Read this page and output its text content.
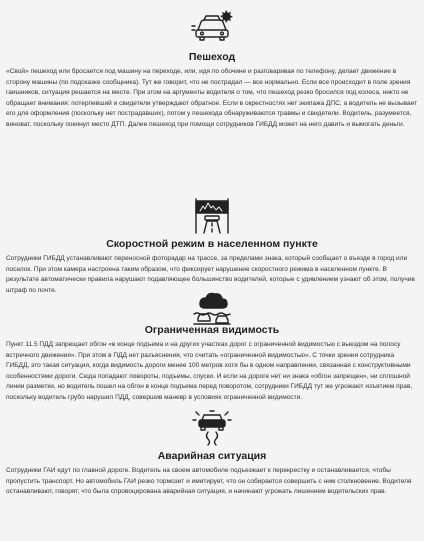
Пешеход

«Свой» пешеход или бросается под машину на переходе, или, идя по обочине и разговаривая по телефону, делает движение в сторону машины (по подсказке сообщника). Тут же говорит, что не пострадал — все нормально. Если все происходит в поле зрения гаишников, ситуация решается на месте. При этом на аргументы водителя о том, что пешеход резко бросился под колеса, никто не обращает внимания: потерпевший и свидетели утверждают обратное. Если в окрестностях нет экипажа ДПС, а водитель не вызывает его для оформления (поскольку нет пострадавших), потом у пешехода обнаруживаются травмы и свидетели. Водитель, разумеется, виноват, поскольку покинул место ДТП. Далее пешеход при помощи сотрудников ГИБДД может на него давить и вымогать деньги.

Скоростной режим в населенном пункте

Сотрудники ГИБДД устанавливают переносной фоторадар на трассе, за пределами знака, который сообщает о въезде в город или поселок. При этом камера настроена таким образом, что фиксирует нарушение скоростного режима в населенном пункте. В результате автоматически правила нарушают подавляющее большинство водителей, которые с удивлением узнают об этом, получив штраф по почте.

Ограниченная видимость

Пункт 11.5 ПДД запрещает обгон «в конце подъема и на других участках дорог с ограниченной видимостью с выездом на полосу встречного движения». При этом в ПДД нет разъяснения, что считать «ограниченной видимостью». С точки зрения сотрудника ГИБДД, это такая ситуация, когда видимость дороги менее 100 метров хотя бы в одном направлении, связанная с конструктивными особенностями дороги. Сюда попадают повороты, подъемы, спуски. И если на дороге нет ни знака «обгон запрещен», ни сплошной линии разметки, но водитель пошел на обгон в конце подъема перед поворотом, сотрудники ГИБДД тут же угрожают изъятием прав, поскольку водитель грубо нарушил ПДД, совершив маневр в условиях ограниченной видимости.

Аварийная ситуация

Сотрудники ГАИ едут по главной дороге. Водитель на своем автомобиле подъезжает к перекрестку и останавливается, чтобы пропустить транспорт. Но автомобиль ГАИ резко тормозит и имитирует, что он собирается совершить с ним столкновение. Водителя останавливают, говорят, что была спровоцирована аварийная ситуация, и начинают угрожать лишением водительских прав.
